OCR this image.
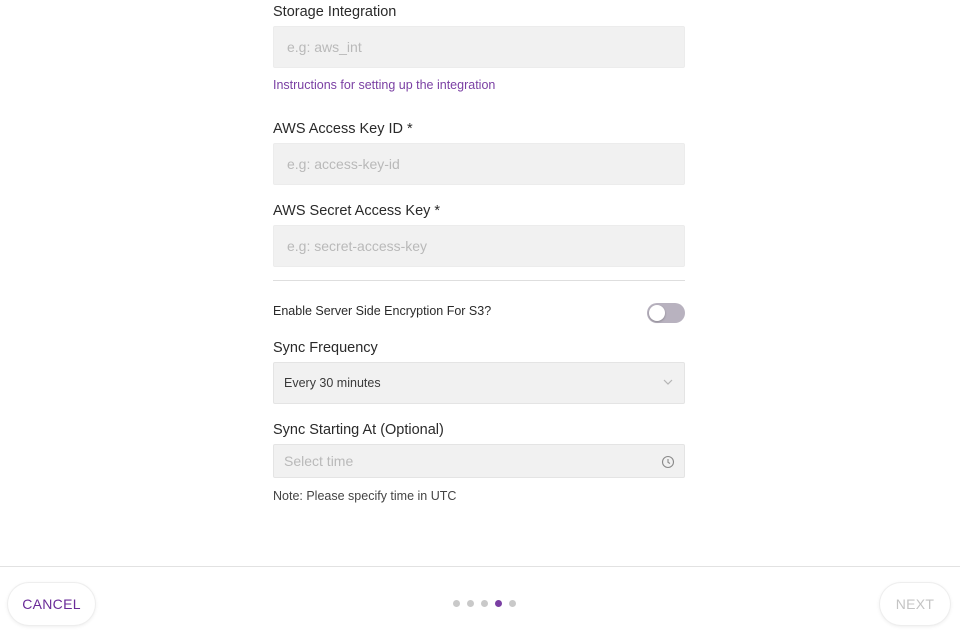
Storage Integration
e.g: aws_int
Instructions for setting up the integration
AWS Access Key ID *
e.g: access-key-id
AWS Secret Access Key *
e.g: secret-access-key
Enable Server Side Encryption For S3?
Sync Frequency
Every 30 minutes
Sync Starting At (Optional)
Select time
Note: Please specify time in UTC
CANCEL	NEXT
